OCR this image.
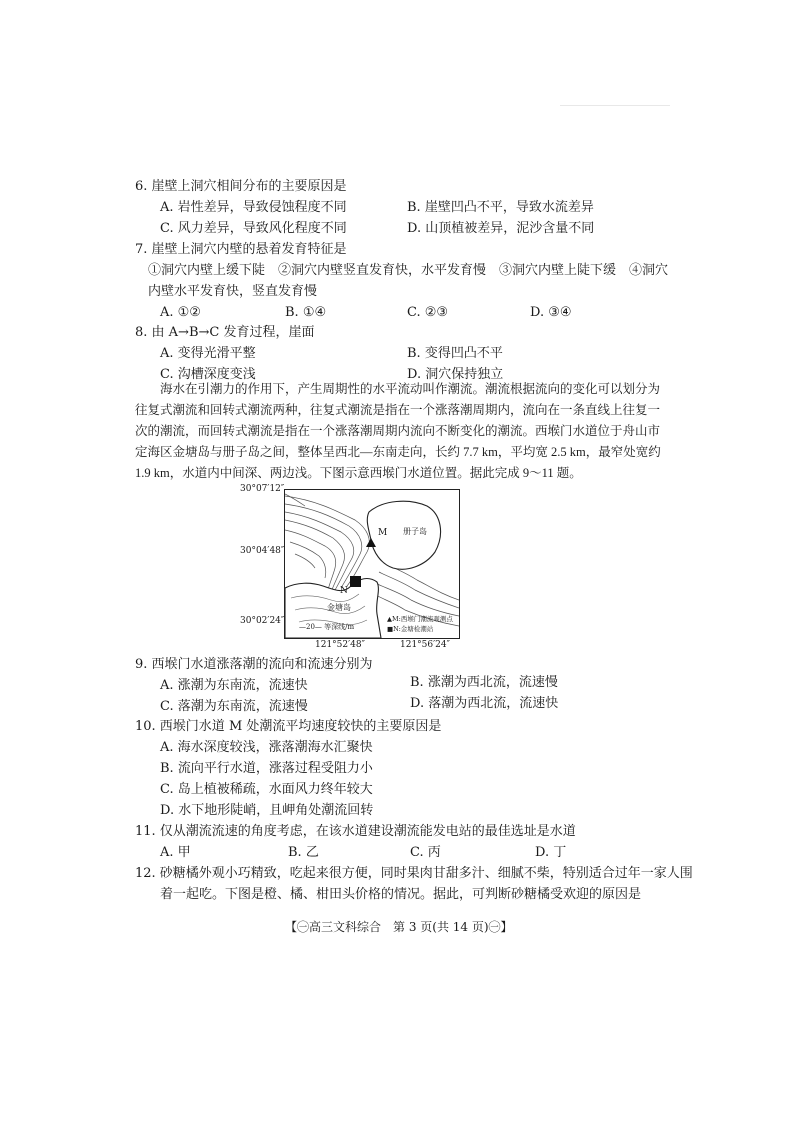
6. 崖壁上洞穴相间分布的主要原因是
A. 岩性差异，导致侵蚀程度不同	B. 崖壁凹凸不平，导致水流差异
C. 风力差异，导致风化程度不同	D. 山顶植被差异，泥沙含量不同
7. 崖壁上洞穴内壁的悬着发育特征是
①洞穴内壁上缓下陡　②洞穴内壁竖直发育快，水平发育慢　③洞穴内壁上陡下缓　④洞穴
内壁水平发育快，竖直发育慢
A. ①②	B. ①④	C. ②③	D. ③④
8. 由 A→B→C 发育过程，崖面
A. 变得光滑平整	B. 变得凹凸不平
C. 沟槽深度变浅	D. 洞穴保持独立
海水在引潮力的作用下，产生周期性的水平流动叫作潮流。潮流根据流向的变化可以划分为
往复式潮流和回转式潮流两种，往复式潮流是指在一个涨落潮周期内，流向在一条直线上往复一
次的潮流，而回转式潮流是指在一个涨落潮周期内流向不断变化的潮流。西堠门水道位于舟山市
定海区金塘岛与册子岛之间，整体呈西北—东南走向，长约 7.7 km，平均宽 2.5 km，最窄处宽约
1.9 km，水道内中间深、两边浅。下图示意西堠门水道位置。据此完成 9～11 题。
30°07′12″
30°04′48″
30°02′24″
M
N
册子岛
金塘岛
—20— 等深线/m
▲M:西堠门潮流观测点
■N:金塘检潮站
121°52′48″	121°56′24″
9. 西堠门水道涨落潮的流向和流速分别为
A. 涨潮为东南流，流速快	B. 涨潮为西北流，流速慢
C. 落潮为东南流，流速慢	D. 落潮为西北流，流速快
10. 西堠门水道 M 处潮流平均速度较快的主要原因是
A. 海水深度较浅，涨落潮海水汇聚快
B. 流向平行水道，涨落过程受阻力小
C. 岛上植被稀疏，水面风力终年较大
D. 水下地形陡峭，且岬角处潮流回转
11. 仅从潮流流速的角度考虑，在该水道建设潮流能发电站的最佳选址是水道
A. 甲	B. 乙	C. 丙	D. 丁
12. 砂糖橘外观小巧精致，吃起来很方便，同时果肉甘甜多汁、细腻不柴，特别适合过年一家人围
着一起吃。下图是橙、橘、柑田头价格的情况。据此，可判断砂糖橘受欢迎的原因是
【㊀高三文科综合　第 3 页(共 14 页)㊀】
